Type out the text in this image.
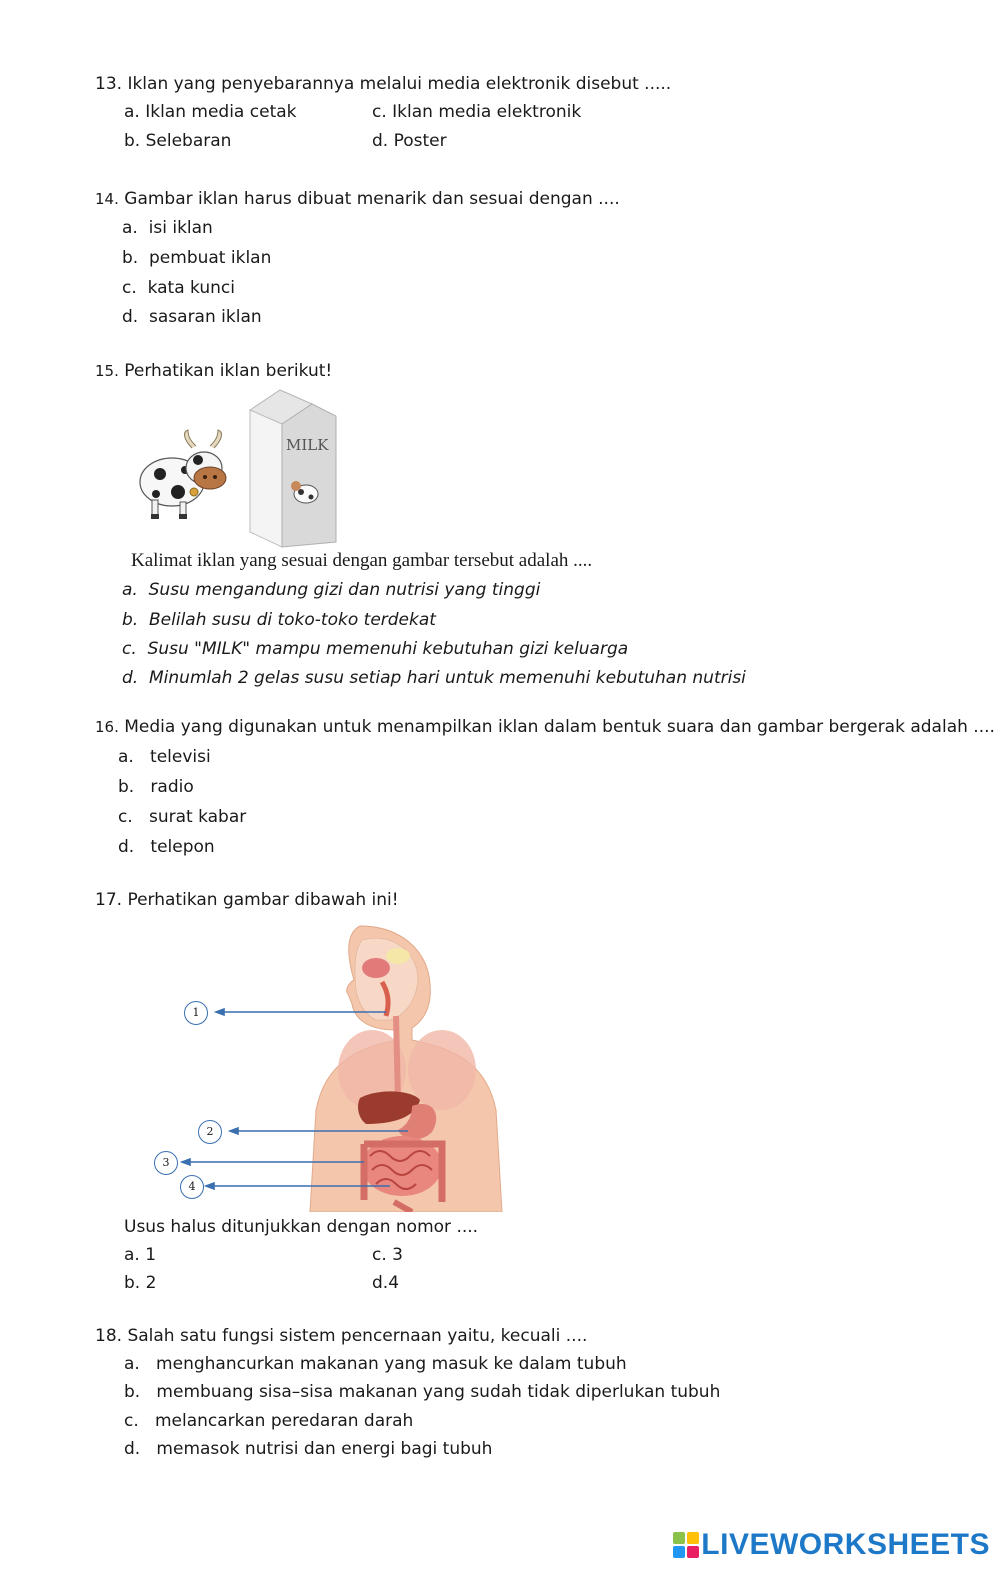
13. Iklan yang penyebarannya melalui media elektronik disebut .....
a. Iklan media cetak	c. Iklan media elektronik
b. Selebaran	d. Poster
14. Gambar iklan harus dibuat menarik dan sesuai dengan ....
a. isi iklan
b. pembuat iklan
c. kata kunci
d. sasaran iklan
15. Perhatikan iklan berikut!
MILK
Kalimat iklan yang sesuai dengan gambar tersebut adalah ....
a. Susu mengandung gizi dan nutrisi yang tinggi
b. Belilah susu di toko-toko terdekat
c. Susu "MILK" mampu memenuhi kebutuhan gizi keluarga
d. Minumlah 2 gelas susu setiap hari untuk memenuhi kebutuhan nutrisi
16. Media yang digunakan untuk menampilkan iklan dalam bentuk suara dan gambar bergerak adalah ....
a. televisi
b. radio
c. surat kabar
d. telepon
17. Perhatikan gambar dibawah ini!
1
2
3
4
Usus halus ditunjukkan dengan nomor ....
a. 1	c. 3
b. 2	d.4
18. Salah satu fungsi sistem pencernaan yaitu, kecuali ....
a. menghancurkan makanan yang masuk ke dalam tubuh
b. membuang sisa–sisa makanan yang sudah tidak diperlukan tubuh
c. melancarkan peredaran darah
d. memasok nutrisi dan energi bagi tubuh
LIVEWORKSHEETS
